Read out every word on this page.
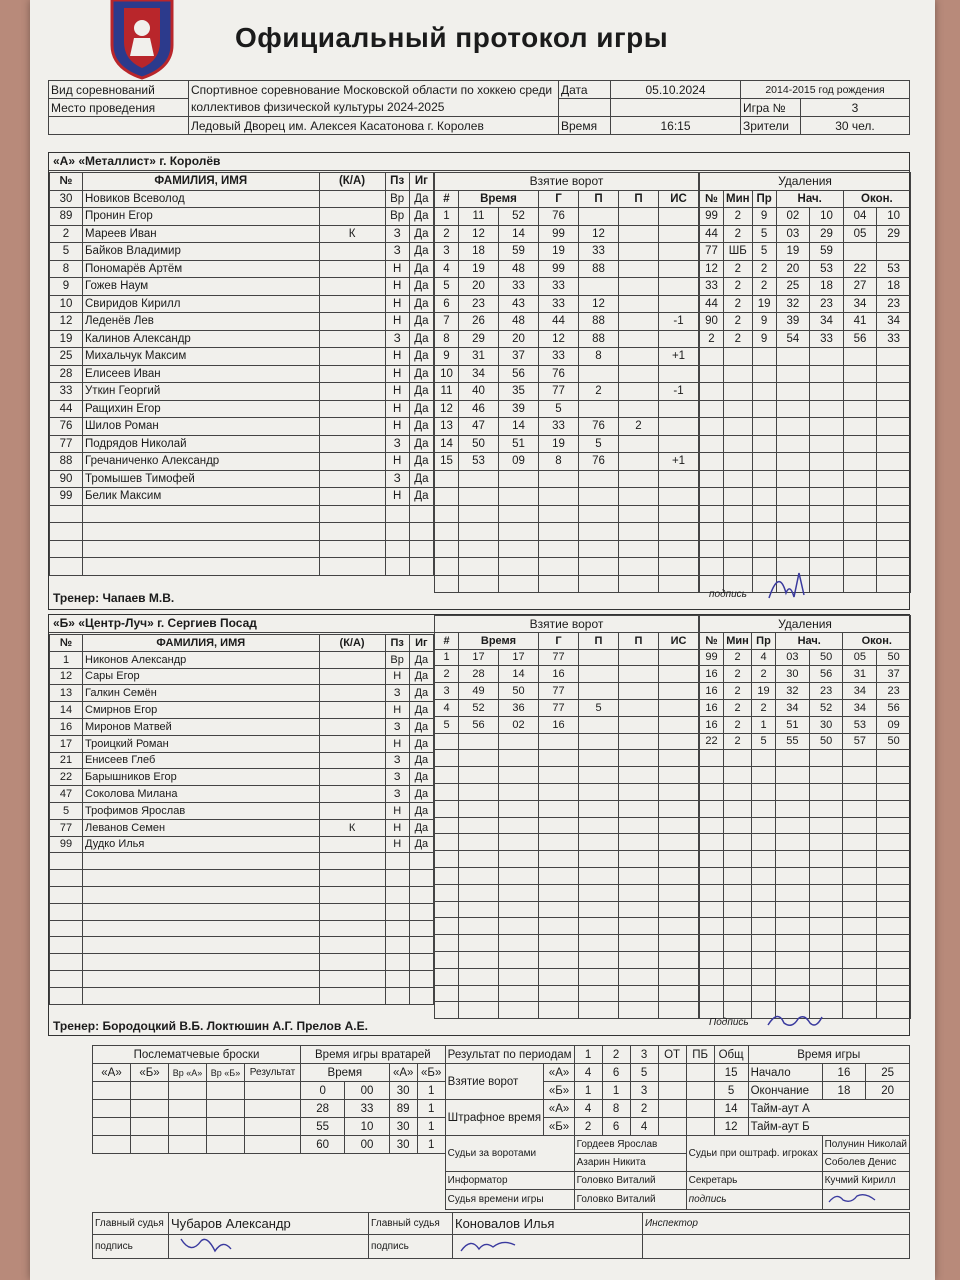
Официальный протокол игры
Вид соревнований	Спортивное соревнование Московской области по хоккею среди коллективов физической культуры 2024-2025	Дата	05.10.2024	2014-2015 год рождения	
Место проведения				Игра №	3
	Ледовый Дворец им. Алексея Касатонова г. Королев	Время	16:15	Зрители	30 чел.
«А» «Металлист» г. Королёв
№	ФАМИЛИЯ, ИМЯ	(К/А)	Пз	Иг
30	Новиков Всеволод		Вр	Да
89	Пронин Егор		Вр	Да
2	Мареев Иван	К	З	Да
5	Байков Владимир		З	Да
8	Пономарёв Артём		Н	Да
9	Гожев Наум		Н	Да
10	Свиридов Кирилл		Н	Да
12	Леденёв Лев		Н	Да
19	Калинов Александр		З	Да
25	Михальчук Максим		Н	Да
28	Елисеев Иван		Н	Да
33	Уткин Георгий		Н	Да
44	Ращихин Егор		Н	Да
76	Шилов Роман		Н	Да
77	Подрядов Николай		З	Да
88	Гречаниченко Александр		Н	Да
90	Тромышев Тимофей		З	Да
99	Белик Максим		Н	Да

Взятие ворот						
#	Время		Г	П	П	ИС
1	11	52	76			
2	12	14	99	12		
3	18	59	19	33		
4	19	48	99	88		
5	20	33	33			
6	23	43	33	12		
7	26	48	44	88		-1
8	29	20	12	88		
9	31	37	33	8		+1
10	34	56	76			
11	40	35	77	2		-1
12	46	39	5			
13	47	14	33	76	2	
14	50	51	19	5		
15	53	09	8	76		+1

Удаления						
№	Мин	Пр	Нач.		Окон.	
99	2	9	02	10	04	10
44	2	5	03	29	05	29
77	ШБ	5	19	59		
12	2	2	20	53	22	53
33	2	2	25	18	27	18
44	2	19	32	23	34	23
90	2	9	39	34	41	34
2	2	9	54	33	56	33

Тренер: Чапаев М.В.	подпись
«Б» «Центр-Луч» г. Сергиев Посад
№	ФАМИЛИЯ, ИМЯ	(К/А)	Пз	Иг
1	Никонов Александр		Вр	Да
12	Сары Егор		Н	Да
13	Галкин Семён		З	Да
14	Смирнов Егор		Н	Да
16	Миронов Матвей		З	Да
17	Троицкий Роман		Н	Да
21	Енисеев Глеб		З	Да
22	Барышников Егор		З	Да
47	Соколова Милана		З	Да
5	Трофимов Ярослав		Н	Да
77	Леванов Семен	К	Н	Да
99	Дудко Илья		Н	Да

Взятие ворот						
#	Время		Г	П	П	ИС
1	17	17	77			
2	28	14	16			
3	49	50	77			
4	52	36	77	5		
5	56	02	16			

Удаления						
№	Мин	Пр	Нач.		Окон.	
99	2	4	03	50	05	50
16	2	2	30	56	31	37
16	2	19	32	23	34	23
16	2	2	34	52	34	56
16	2	1	51	30	53	09
22	2	5	55	50	57	50

Тренер: Бородоцкий В.Б. Локтюшин А.Г. Прелов А.Е.	Подпись
Послематчевые броски					Время игры вратарей				Результат по периодам		1	2	3	ОТ	ПБ	Общ	Время игры		
«А»	«Б»	Вр «А»	Вр «Б»	Результат	Время		«А»	«Б»	Взятие ворот	«А»	4	6	5			15	Начало	16	25
					0	00	30	1		«Б»	1	1	3			5	Окончание	18	20
					28	33	89	1	Штрафное время	«А»	4	8	2			14	Тайм-аут А		
					55	10	30	1		«Б»	2	6	4			12	Тайм-аут Б		
					60	00	30	1	Судьи за воротами		Гордеев Ярослав				Судьи при оштраф. игроках			Полунин Николай	
											Азарин Никита							Соболев Денис	
									Информатор		Головко Виталий				Секретарь			Кучмий Кирилл	
									Судья времени игры		Головко Виталий				подпись	
Главный судья	Чубаров Александр	Главный судья	Коновалов Илья	Инспектор
подпись		подпись		
